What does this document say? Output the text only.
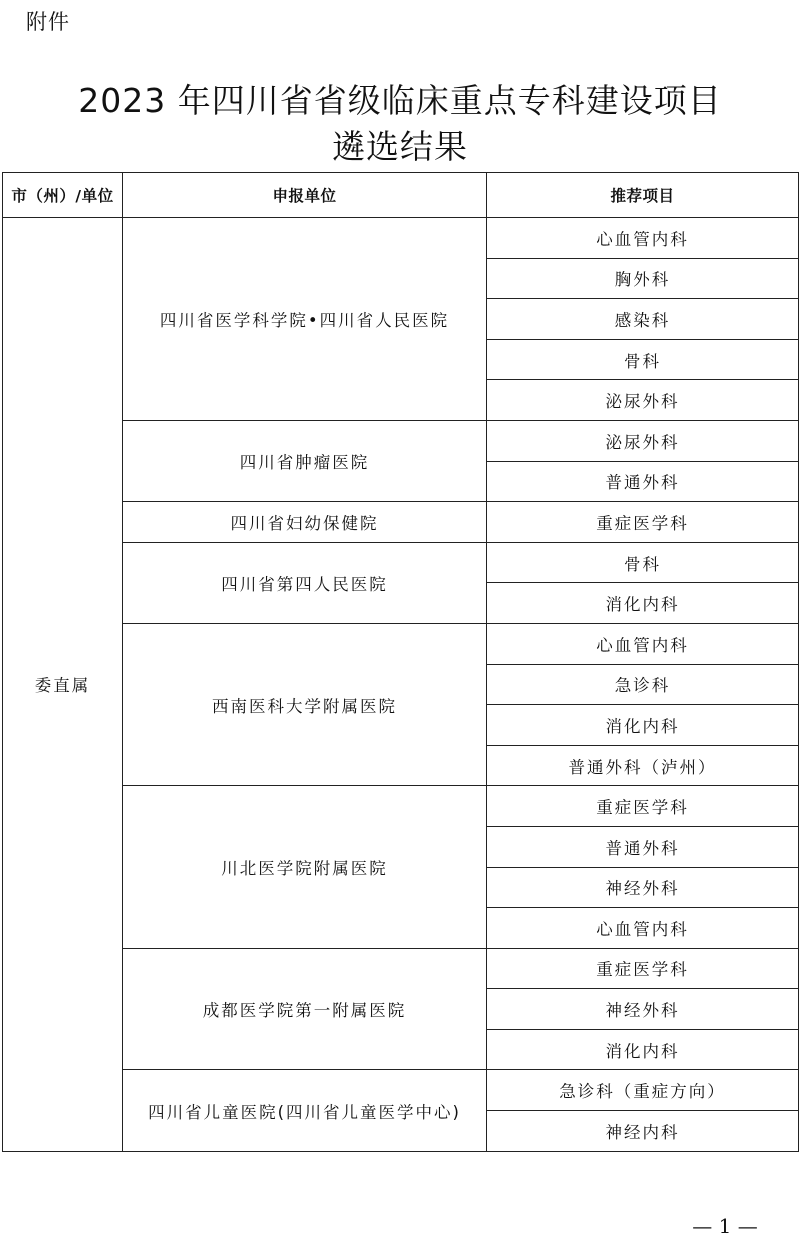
附件
2023 年四川省省级临床重点专科建设项目
遴选结果
市（州）/单位	申报单位	推荐项目
委直属	四川省医学科学院•四川省人民医院	心血管内科
		胸外科
		感染科
		骨科
		泌尿外科
	四川省肿瘤医院	泌尿外科
		普通外科
	四川省妇幼保健院	重症医学科
	四川省第四人民医院	骨科
		消化内科
	西南医科大学附属医院	心血管内科
		急诊科
		消化内科
		普通外科（泸州）
	川北医学院附属医院	重症医学科
		普通外科
		神经外科
		心血管内科
	成都医学院第一附属医院	重症医学科
		神经外科
		消化内科
	四川省儿童医院(四川省儿童医学中心)	急诊科（重症方向）
		神经内科
— 1 —
